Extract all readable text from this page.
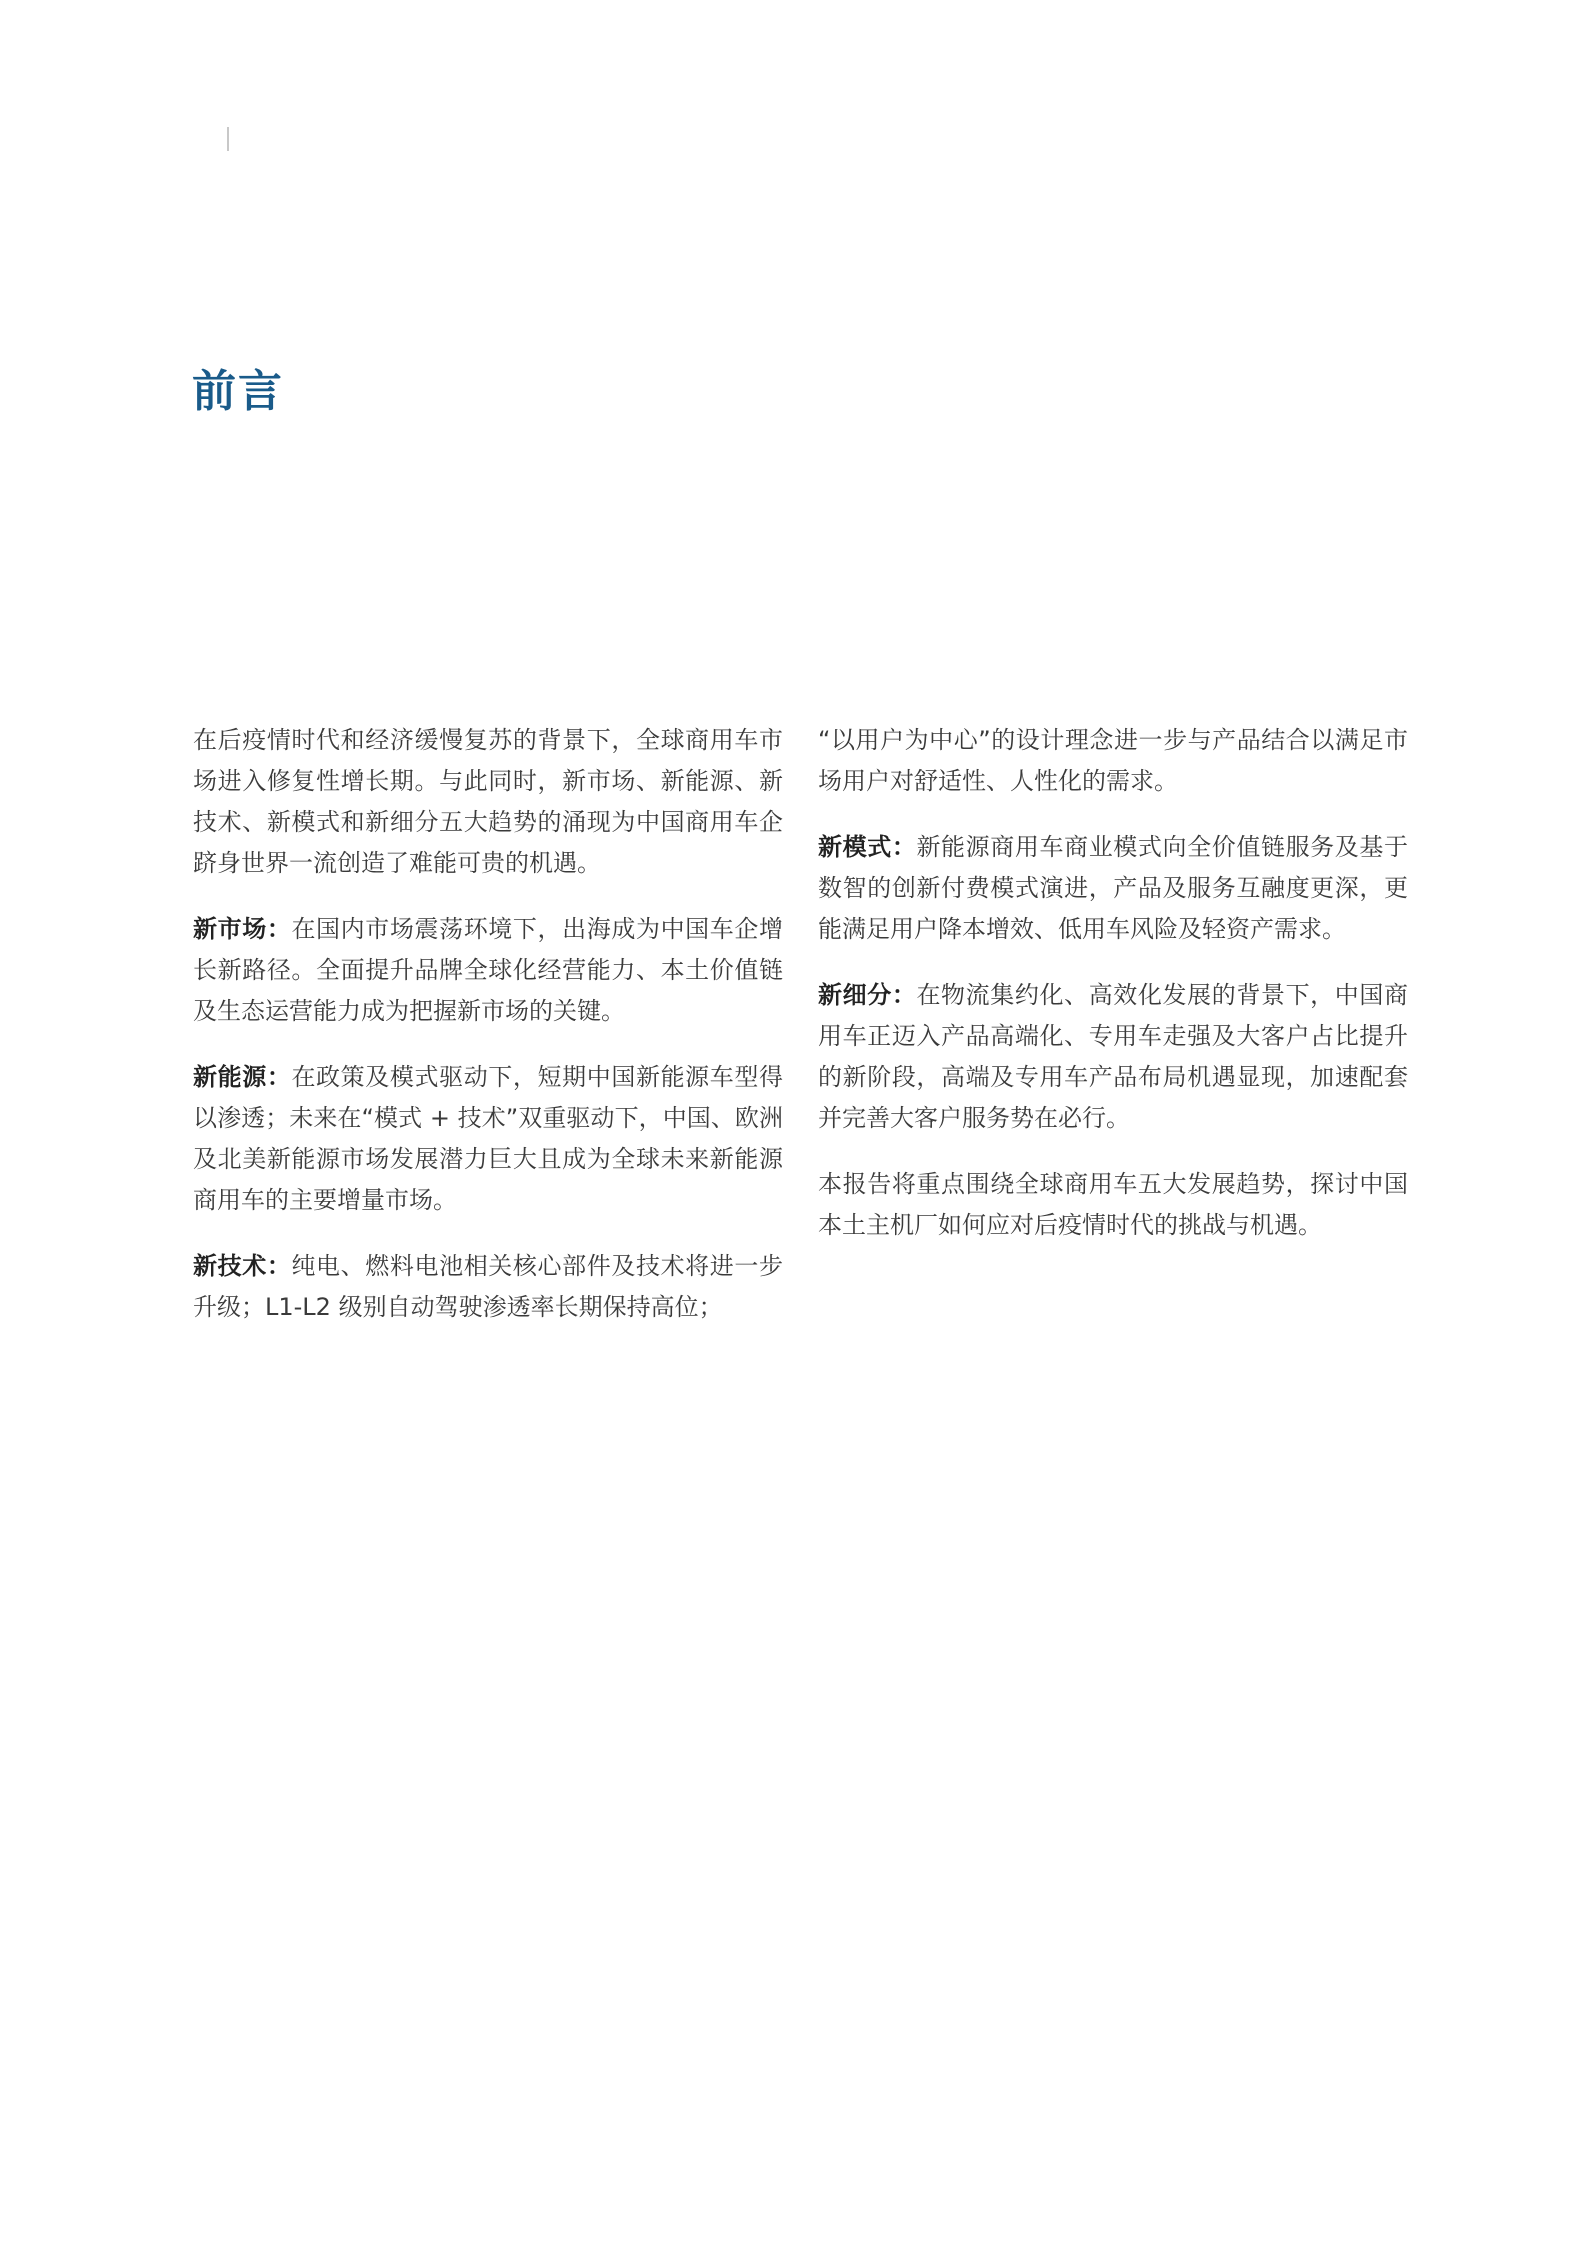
前言

在后疫情时代和经济缓慢复苏的背景下，全球商用车市场进入修复性增长期。与此同时，新市场、新能源、新技术、新模式和新细分五大趋势的涌现为中国商用车企跻身世界一流创造了难能可贵的机遇。

新市场：在国内市场震荡环境下，出海成为中国车企增长新路径。全面提升品牌全球化经营能力、本土价值链及生态运营能力成为把握新市场的关键。

新能源：在政策及模式驱动下，短期中国新能源车型得以渗透；未来在“模式 + 技术”双重驱动下，中国、欧洲及北美新能源市场发展潜力巨大且成为全球未来新能源商用车的主要增量市场。

新技术：纯电、燃料电池相关核心部件及技术将进一步升级；L1-L2 级别自动驾驶渗透率长期保持高位；

“以用户为中心”的设计理念进一步与产品结合以满足市场用户对舒适性、人性化的需求。

新模式：新能源商用车商业模式向全价值链服务及基于数智的创新付费模式演进，产品及服务互融度更深，更能满足用户降本增效、低用车风险及轻资产需求。

新细分：在物流集约化、高效化发展的背景下，中国商用车正迈入产品高端化、专用车走强及大客户占比提升的新阶段，高端及专用车产品布局机遇显现，加速配套并完善大客户服务势在必行。

本报告将重点围绕全球商用车五大发展趋势，探讨中国本土主机厂如何应对后疫情时代的挑战与机遇。
